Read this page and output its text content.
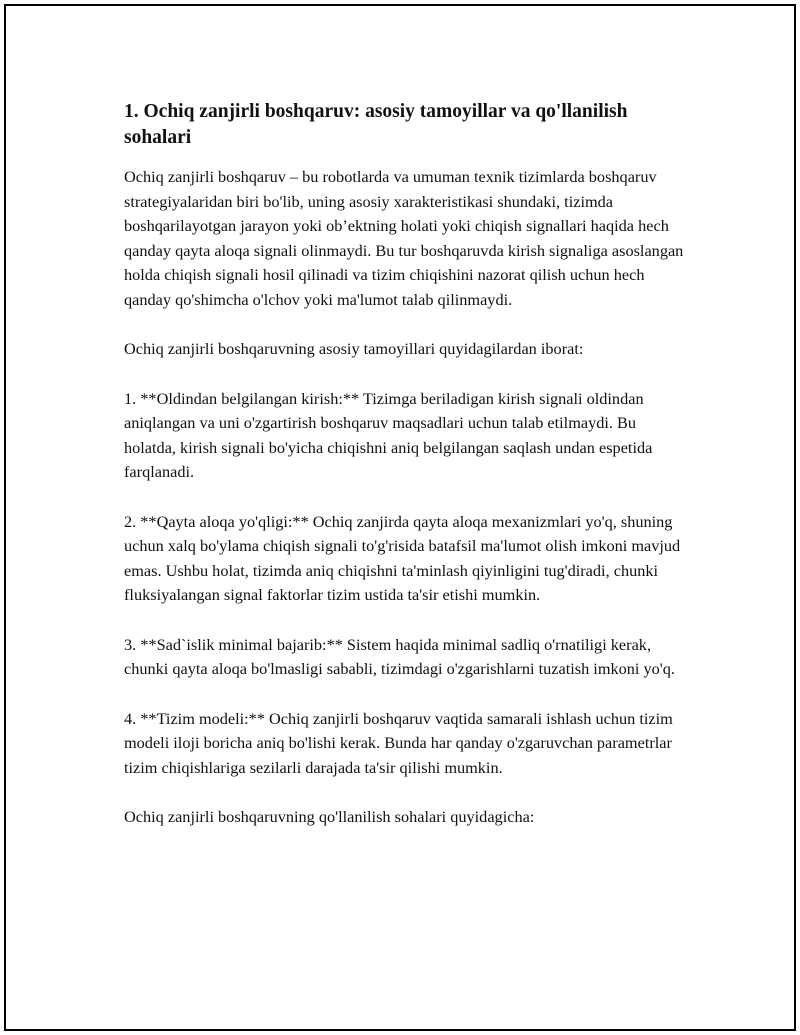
1. Ochiq zanjirli boshqaruv: asosiy tamoyillar va qo'llanilish sohalari

Ochiq zanjirli boshqaruv – bu robotlarda va umuman texnik tizimlarda boshqaruv strategiyalaridan biri bo'lib, uning asosiy xarakteristikasi shundaki, tizimda boshqarilayotgan jarayon yoki ob’ektning holati yoki chiqish signallari haqida hech qanday qayta aloqa signali olinmaydi. Bu tur boshqaruvda kirish signaliga asoslangan holda chiqish signali hosil qilinadi va tizim chiqishini nazorat qilish uchun hech qanday qo'shimcha o'lchov yoki ma'lumot talab qilinmaydi.

Ochiq zanjirli boshqaruvning asosiy tamoyillari quyidagilardan iborat:

1. **Oldindan belgilangan kirish:** Tizimga beriladigan kirish signali oldindan aniqlangan va uni o'zgartirish boshqaruv maqsadlari uchun talab etilmaydi. Bu holatda, kirish signali bo'yicha chiqishni aniq belgilangan saqlash undan espetida farqlanadi.

2. **Qayta aloqa yo'qligi:** Ochiq zanjirda qayta aloqa mexanizmlari yo'q, shuning uchun xalq bo'ylama chiqish signali to'g'risida batafsil ma'lumot olish imkoni mavjud emas. Ushbu holat, tizimda aniq chiqishni ta'minlash qiyinligini tug'diradi, chunki fluksiyalangan signal faktorlar tizim ustida ta'sir etishi mumkin.

3. **Sad`islik minimal bajarib:** Sistem haqida minimal sadliq o'rnatiligi kerak, chunki qayta aloqa bo'lmasligi sababli, tizimdagi o'zgarishlarni tuzatish imkoni yo'q.

4. **Tizim modeli:** Ochiq zanjirli boshqaruv vaqtida samarali ishlash uchun tizim modeli iloji boricha aniq bo'lishi kerak. Bunda har qanday o'zgaruvchan parametrlar tizim chiqishlariga sezilarli darajada ta'sir qilishi mumkin.

Ochiq zanjirli boshqaruvning qo'llanilish sohalari quyidagicha:
